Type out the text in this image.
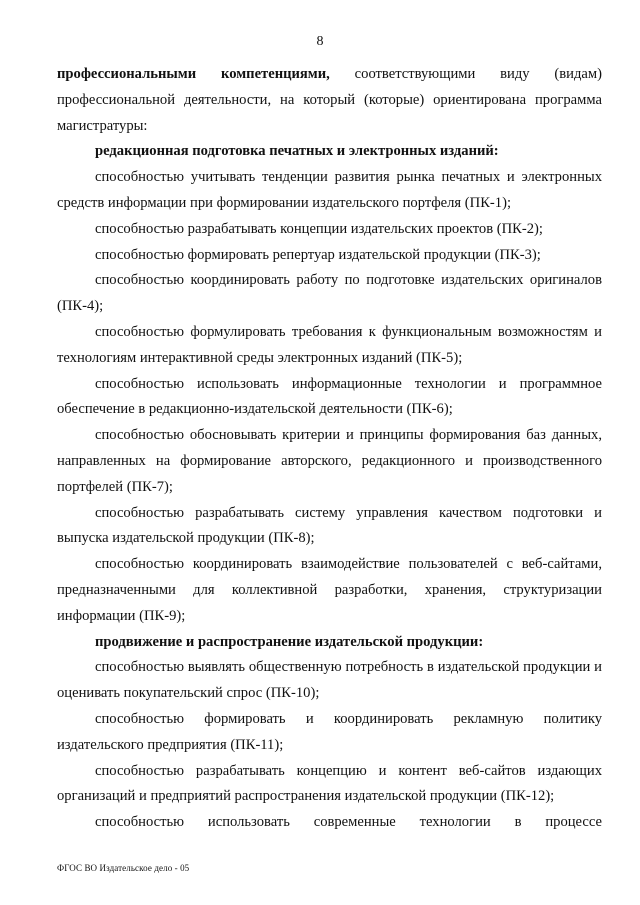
8

профессиональными компетенциями, соответствующими виду (видам) профессиональной деятельности, на который (которые) ориентирована программа магистратуры:

редакционная подготовка печатных и электронных изданий:

способностью учитывать тенденции развития рынка печатных и электронных средств информации при формировании издательского портфеля (ПК-1);

способностью разрабатывать концепции издательских проектов (ПК-2);

способностью формировать репертуар издательской продукции (ПК-3);

способностью координировать работу по подготовке издательских оригиналов (ПК-4);

способностью формулировать требования к функциональным возможностям и технологиям интерактивной среды электронных изданий (ПК-5);

способностью использовать информационные технологии и программное обеспечение в редакционно-издательской деятельности (ПК-6);

способностью обосновывать критерии и принципы формирования баз данных, направленных на формирование авторского, редакционного и производственного портфелей (ПК-7);

способностью разрабатывать систему управления качеством подготовки и выпуска издательской продукции (ПК-8);

способностью координировать взаимодействие пользователей с веб-сайтами, предназначенными для коллективной разработки, хранения, структуризации информации (ПК-9);

продвижение и распространение издательской продукции:

способностью выявлять общественную потребность в издательской продукции и оценивать покупательский спрос (ПК-10);

способностью формировать и координировать рекламную политику издательского предприятия (ПК-11);

способностью разрабатывать концепцию и контент веб-сайтов издающих организаций и предприятий распространения издательской продукции (ПК-12);

способностью использовать современные технологии в процессе

ФГОС ВО Издательское дело - 05
